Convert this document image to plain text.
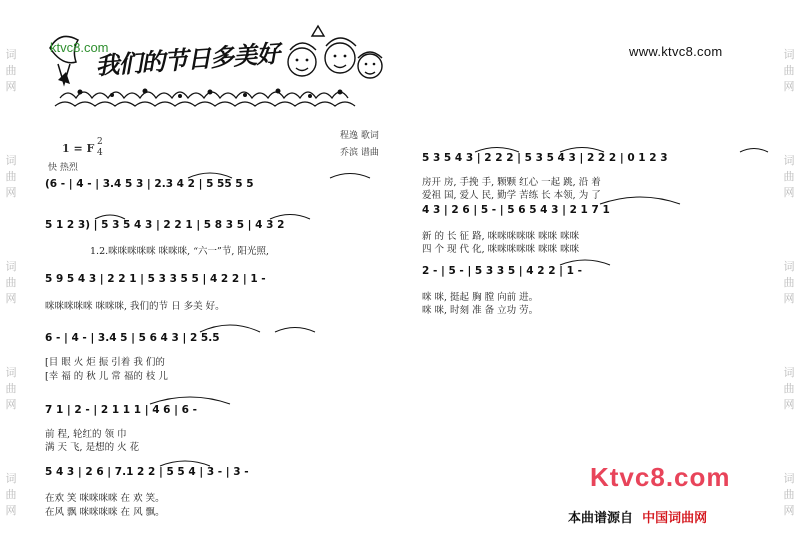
词
曲
网
词
曲
网
词
曲
网
词
曲
网
词
曲
网
词
曲
网
词
曲
网
词
曲
网
词
曲
网
词
曲
网
我们的节日多美好
ktvc8.com	www.ktvc8.com
1 = F 2
4
快 热烈
程逸 歌词
乔滨 谱曲
(6 - | 4 - | 3.4 5 3 | 2.3 4 2 | 5 55 5 5
5 1 2 3) | 5 3 5 4 3 | 2 2 1 | 5 8 3 5 | 4 3 2
1.2.咪咪咪咪咪 咪咪咪, “六一”节, 阳光照,
5 9 5 4 3 | 2 2 1 | 5 3 3 5 5 | 4 2 2 | 1 -
咪咪咪咪咪 咪咪咪, 我们的节 日 多美 好。
6 - | 4 - | 3.4 5 | 5 6 4 3 | 2 5.5
[目 眼 火 炬 振 引着 我 们的
[幸 福 的 秋 儿 常 福的 枝 儿
7 1 | 2 - | 2 1 1 1 | 4 6 | 6 -
前 程, 轮红的 领 巾
满 天 飞, 是想的 火 花
5 4 3 | 2 6 | 7.1 2 2 | 5 5 4 | 3 - | 3 -
在欢 笑 咪咪咪咪 在 欢 笑。
在风 飘 咪咪咪咪 在 风 飘。
5 3 5 4 3 | 2 2 2 | 5 3 5 4 3 | 2 2 2 | 0 1 2 3
房开 房, 手挽 手, 颗颗 红心 一起 跳, 沿 着
爱祖 国, 爱人 民, 勤学 苦练 长 本领, 为 了
4 3 | 2 6 | 5 - | 5 6 5 4 3 | 2 1 7 1
新 的 长 征 路, 咪咪咪咪咪 咪咪 咪咪
四 个 现 代 化, 咪咪咪咪咪 咪咪 咪咪
2 - | 5 - | 5 3 3 5 | 4 2 2 | 1 -
咪 咪, 挺起 胸 膛 向前 进。
咪 咪, 时刻 准 备 立功 劳。
Ktvc8.com
本曲谱源自 中国词曲网
